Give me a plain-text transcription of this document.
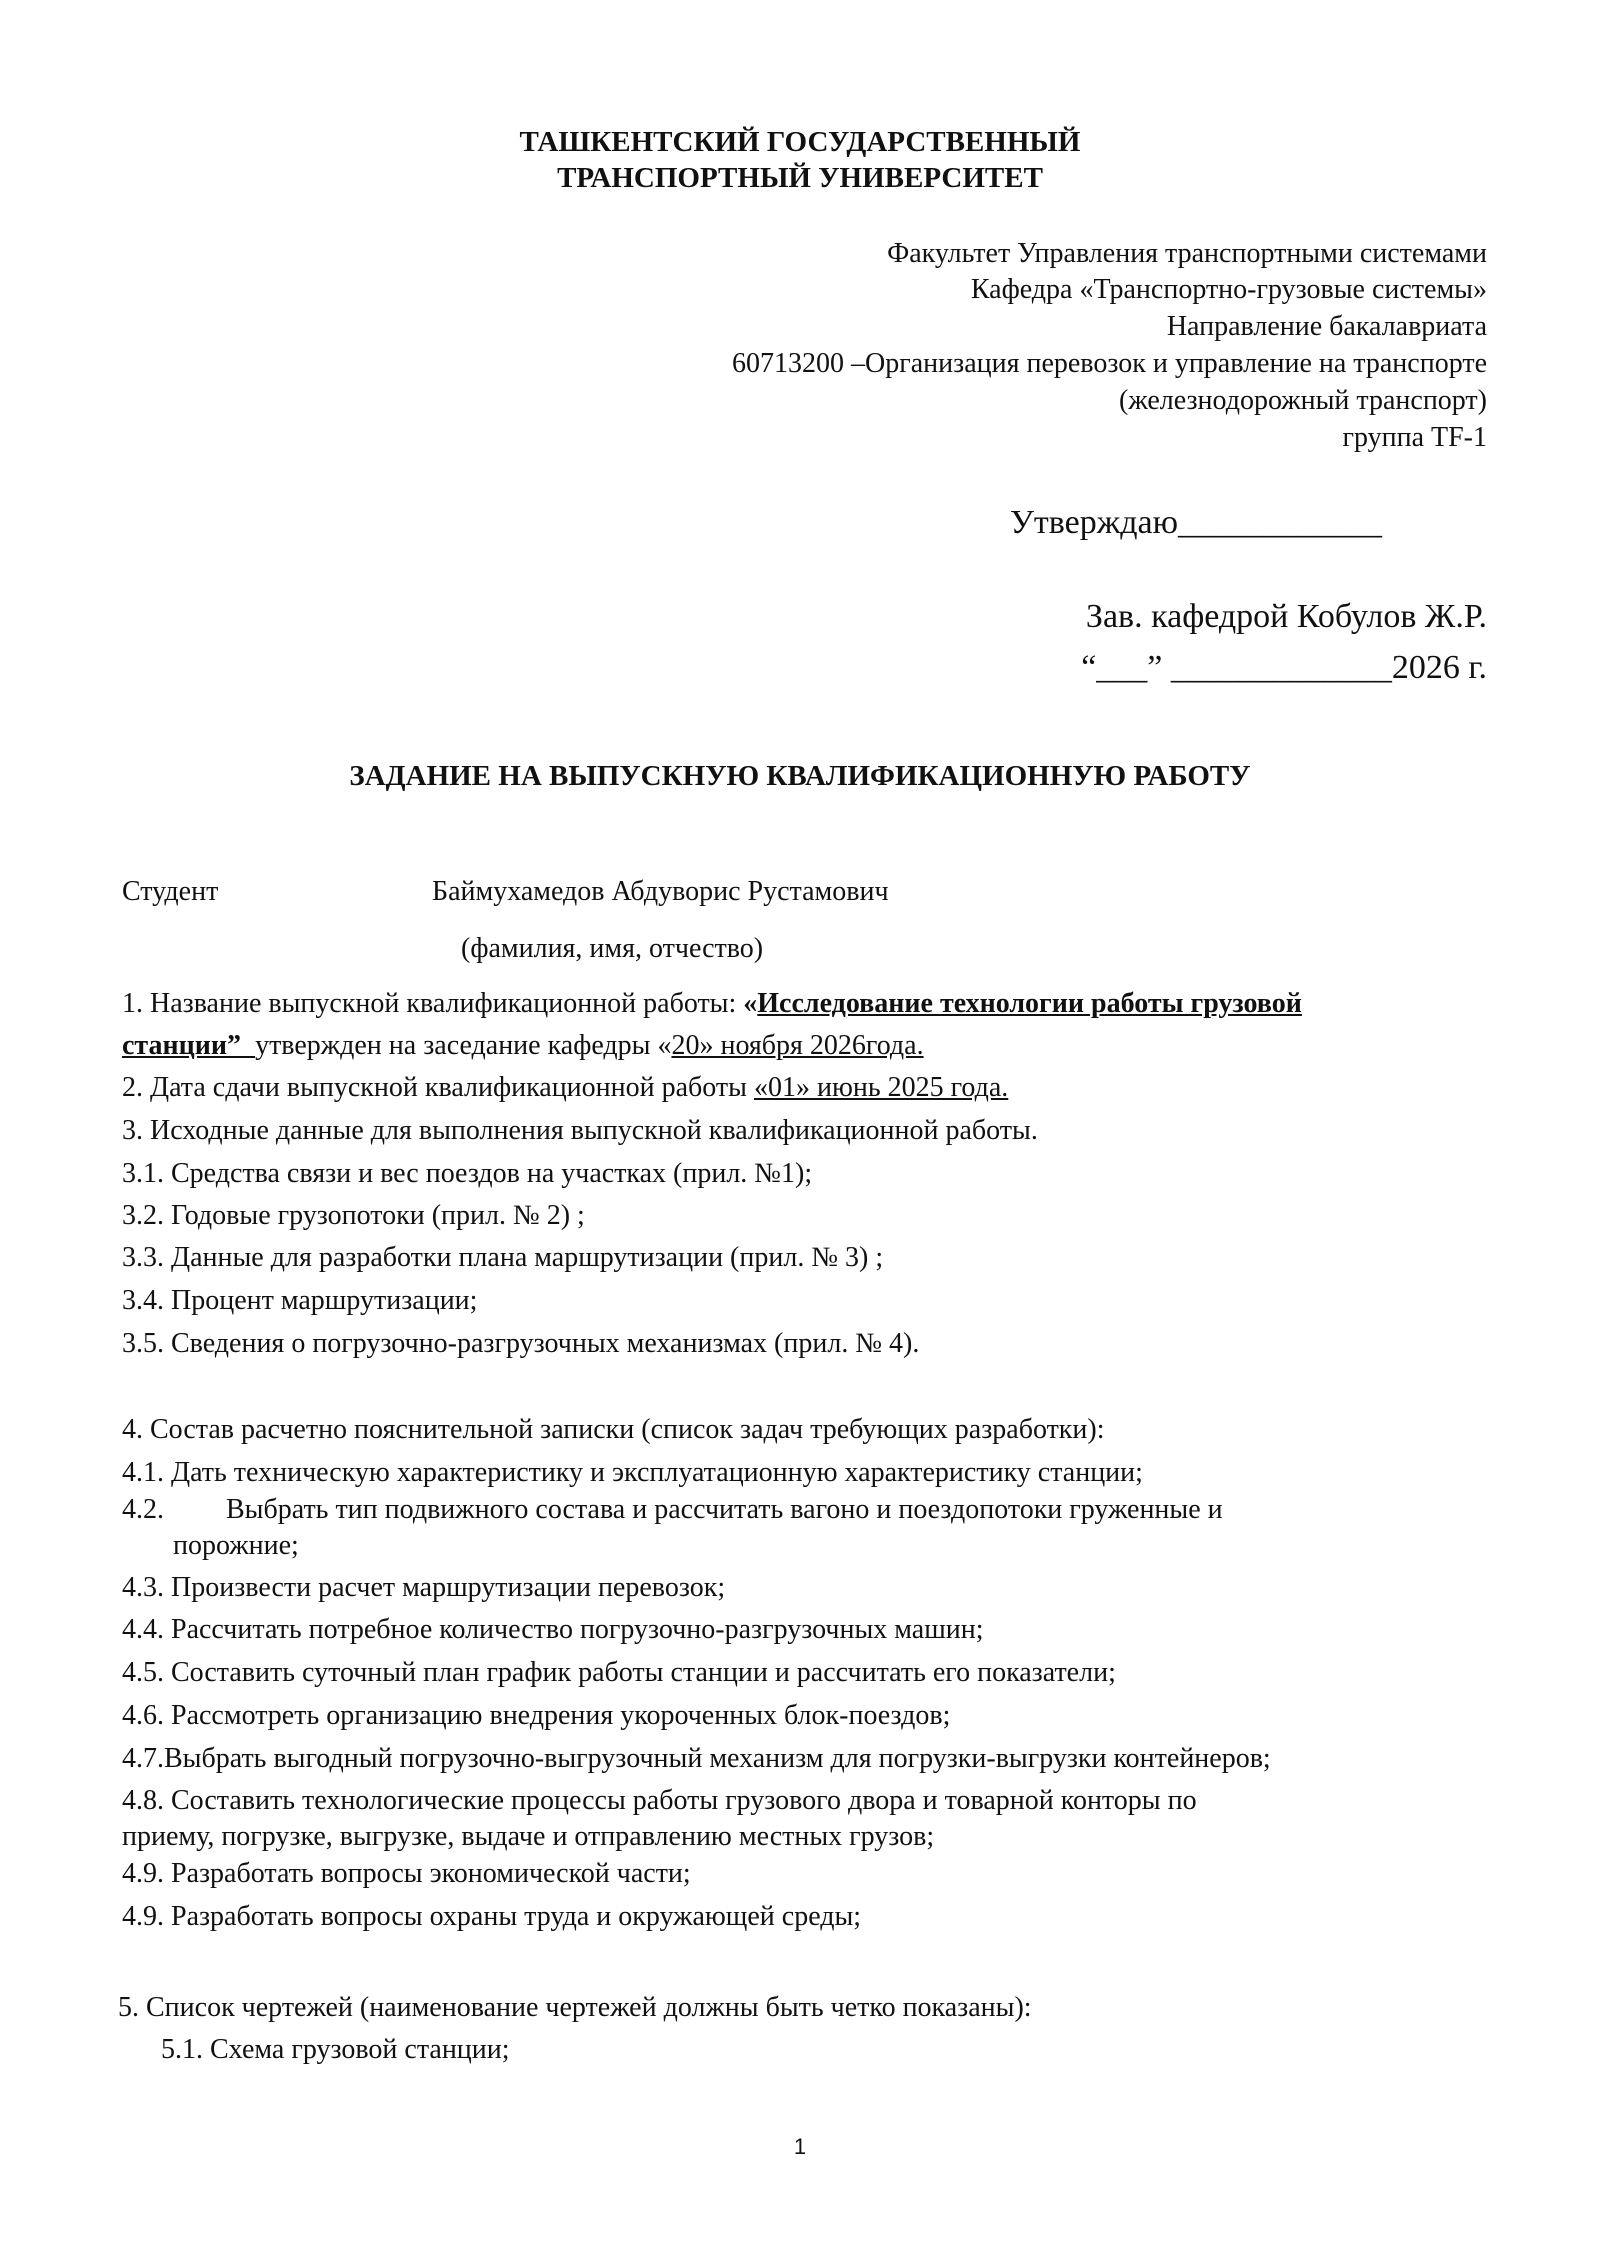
ТАШКЕНТСКИЙ ГОСУДАРСТВЕННЫЙ
ТРАНСПОРТНЫЙ УНИВЕРСИТЕТ
Факультет Управления транспортными системами
Кафедра «Транспортно-грузовые системы»
Направление бакалавриата
60713200 –Организация перевозок и управление на транспорте
(железнодорожный транспорт)
группа TF-1
Утверждаю____________
Зав. кафедрой Кобулов Ж.Р.
“___” _____________2026 г.
ЗАДАНИЕ НА ВЫПУСКНУЮ КВАЛИФИКАЦИОННУЮ РАБОТУ
Студент	Баймухамедов Абдуворис Рустамович
(фамилия, имя, отчество)
1. Название выпускной квалификационной работы: «Исследование технологии работы грузовой
станции”  утвержден на заседание кафедры «20» ноября 2026года.
2. Дата сдачи выпускной квалификационной работы «01» июнь 2025 года.
3. Исходные данные для выполнения выпускной квалификационной работы.
3.1. Средства связи и вес поездов на участках (прил. №1);
3.2. Годовые грузопотоки (прил. № 2) ;
3.3. Данные для разработки плана маршрутизации (прил. № 3) ;
3.4. Процент маршрутизации;
3.5. Сведения о погрузочно-разгрузочных механизмах (прил. № 4).
4. Состав расчетно пояснительной записки (список задач требующих разработки):
4.1. Дать техническую характеристику и эксплуатационную характеристику станции;
4.2. Выбрать тип подвижного состава и рассчитать вагоно и поездопотоки груженные и
порожние;
4.3. Произвести расчет маршрутизации перевозок;
4.4. Рассчитать потребное количество погрузочно-разгрузочных машин;
4.5. Составить суточный план график работы станции и рассчитать его показатели;
4.6. Рассмотреть организацию внедрения укороченных блок-поездов;
4.7.Выбрать выгодный погрузочно-выгрузочный механизм для погрузки-выгрузки контейнеров;
4.8. Составить технологические процессы работы грузового двора и товарной конторы по
приему, погрузке, выгрузке, выдаче и отправлению местных грузов;
4.9. Разработать вопросы экономической части;
4.9. Разработать вопросы охраны труда и окружающей среды;
5. Список чертежей (наименование чертежей должны быть четко показаны):
5.1. Схема грузовой станции;
1
